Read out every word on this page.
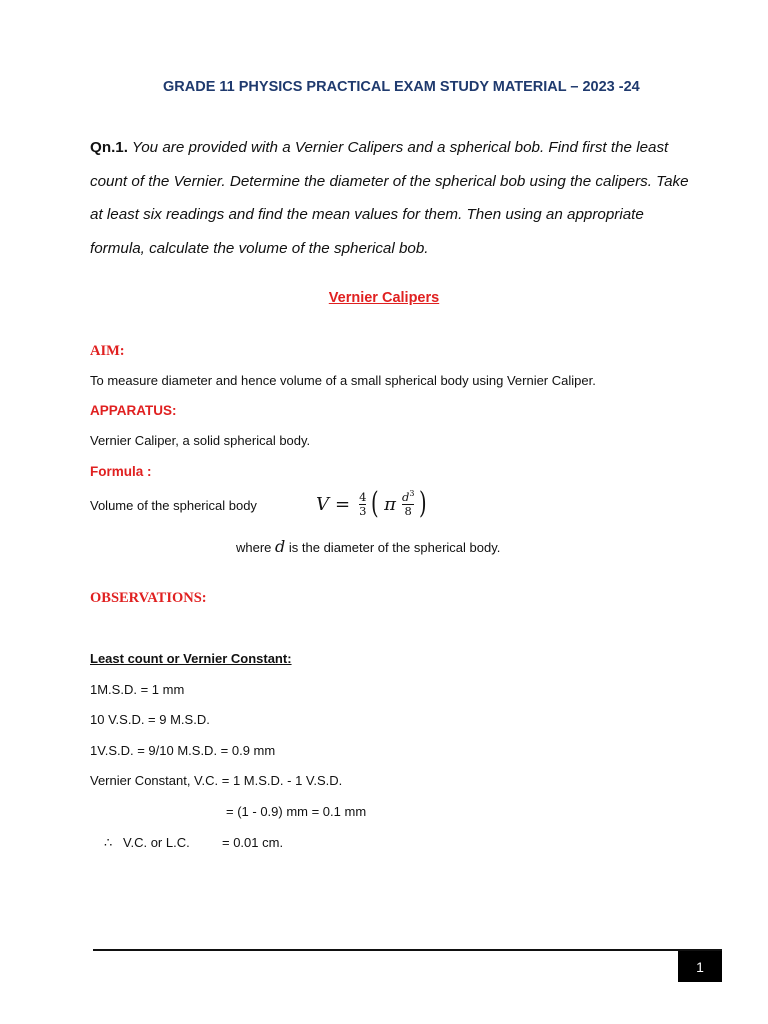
GRADE 11 PHYSICS PRACTICAL EXAM STUDY MATERIAL – 2023 -24
Qn.1. You are provided with a Vernier Calipers and a spherical bob. Find first the least count of the Vernier. Determine the diameter of the spherical bob using the calipers. Take at least six readings and find the mean values for them. Then using an appropriate formula, calculate the volume of the spherical bob.
Vernier Calipers
AIM:
To measure diameter and hence volume of a small spherical body using Vernier Caliper.
APPARATUS:
Vernier Caliper, a solid spherical body.
Formula :
Volume of the spherical body	$V = \frac{4}{3}$ ( π $\frac{d^3}{8}$ )
where d is the diameter of the spherical body.
OBSERVATIONS:
Least count or Vernier Constant:
1M.S.D. = 1 mm
10 V.S.D. = 9 M.S.D.
1V.S.D. = 9/10 M.S.D. = 0.9 mm
Vernier Constant, V.C. = 1 M.S.D. - 1 V.S.D.
= (1 - 0.9) mm = 0.1 mm
∴ V.C. or L.C. = 0.01 cm.
1
